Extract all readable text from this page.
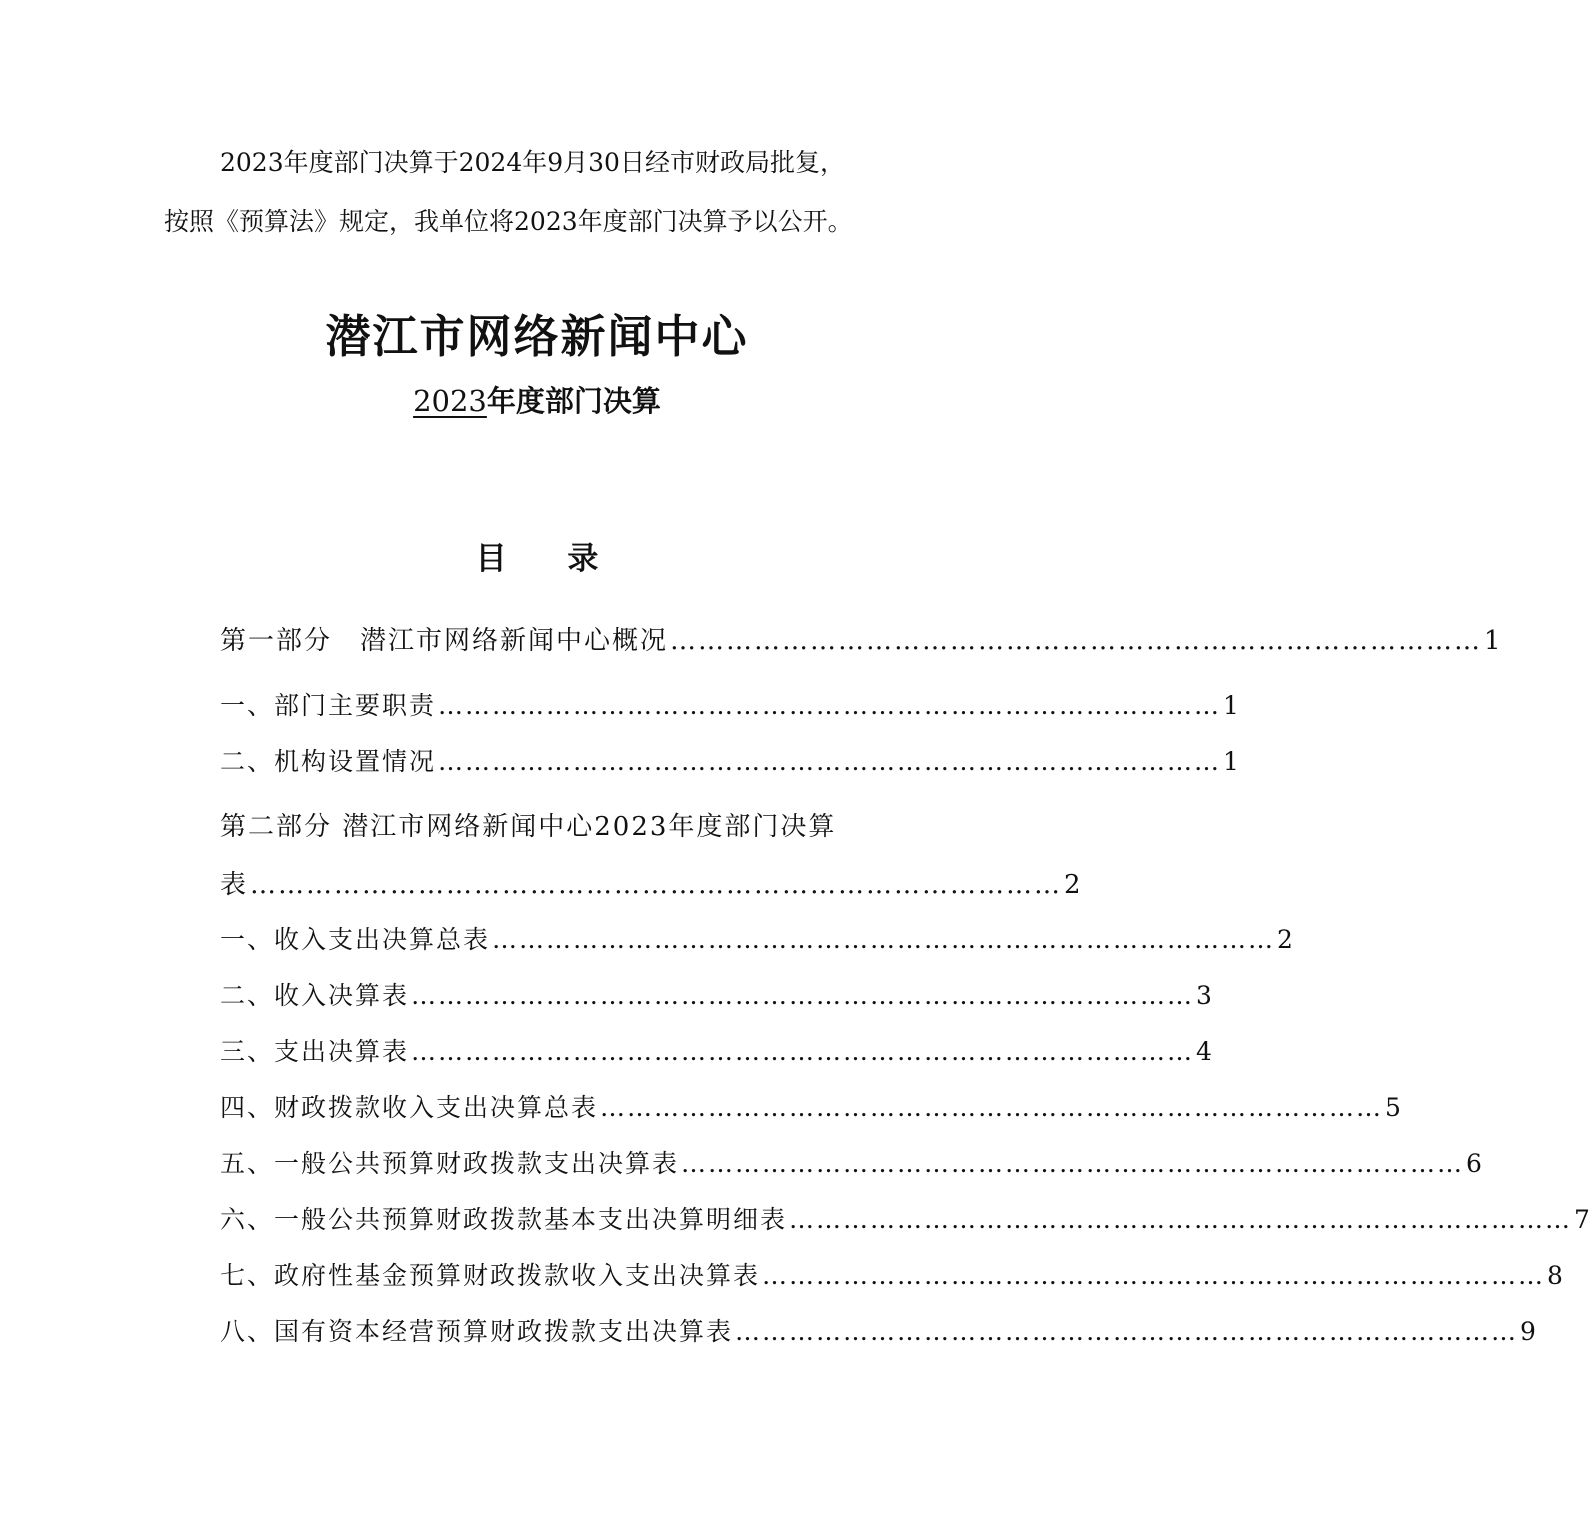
2023年度部门决算于2024年9月30日经市财政局批复，
按照《预算法》规定，我单位将2023年度部门决算予以公开。

潜江市网络新闻中心
2023年度部门决算
目 录
第一部分　潜江市网络新闻中心概况 …………………………………………………………………………… 1
一、部门主要职责 …………………………………………………………………………… 1
二、机构设置情况 …………………………………………………………………………… 1
第二部分 潜江市网络新闻中心2023年度部门决算
表 …………………………………………………………………………… 2
一、收入支出决算总表 …………………………………………………………………………… 2
二、收入决算表 …………………………………………………………………………… 3
三、支出决算表 …………………………………………………………………………… 4
四、财政拨款收入支出决算总表 …………………………………………………………………………… 5
五、一般公共预算财政拨款支出决算表 …………………………………………………………………………… 6
六、一般公共预算财政拨款基本支出决算明细表 …………………………………………………………………………… 7
七、政府性基金预算财政拨款收入支出决算表 …………………………………………………………………………… 8
八、国有资本经营预算财政拨款支出决算表 …………………………………………………………………………… 9
